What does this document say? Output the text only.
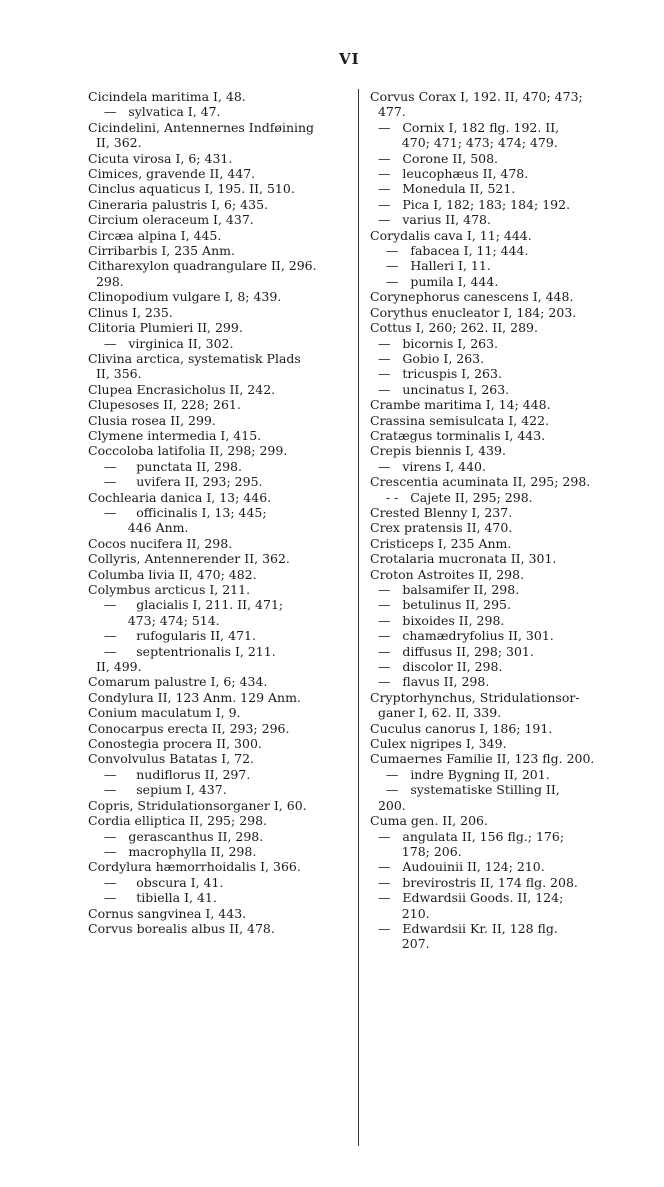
VI
Cicindela maritima I, 48.
—   sylvatica I, 47.
Cicindelini, Antennernes Indføining
II, 362.
Cicuta virosa I, 6; 431.
Cimices, gravende II, 447.
Cinclus aquaticus I, 195. II, 510.
Cineraria palustris I, 6; 435.
Circium oleraceum I, 437.
Circæa alpina I, 445.
Cirribarbis I, 235 Anm.
Citharexylon quadrangulare II, 296.
298.
Clinopodium vulgare I, 8; 439.
Clinus I, 235.
Clitoria Plumieri II, 299.
—   virginica II, 302.
Clivina arctica, systematisk Plads
II, 356.
Clupea Encrasicholus II, 242.
Clupesoses II, 228; 261.
Clusia rosea II, 299.
Clymene intermedia I, 415.
Coccoloba latifolia II, 298; 299.
—     punctata II, 298.
—     uvifera II, 293; 295.
Cochlearia danica I, 13; 446.
—     officinalis I, 13; 445;
446 Anm.
Cocos nucifera II, 298.
Collyris, Antennerender II, 362.
Columba livia II, 470; 482.
Colymbus arcticus I, 211.
—     glacialis I, 211. II, 471;
473; 474; 514.
—     rufogularis II, 471.
—     septentrionalis I, 211.
II, 499.
Comarum palustre I, 6; 434.
Condylura II, 123 Anm. 129 Anm.
Conium maculatum I, 9.
Conocarpus erecta II, 293; 296.
Conostegia procera II, 300.
Convolvulus Batatas I, 72.
—     nudiflorus II, 297.
—     sepium I, 437.
Copris, Stridulationsorganer I, 60.
Cordia elliptica II, 295; 298.
—   gerascanthus II, 298.
—   macrophylla II, 298.
Cordylura hæmorrhoidalis I, 366.
—     obscura I, 41.
—     tibiella I, 41.
Cornus sangvinea I, 443.
Corvus borealis albus II, 478.
Corvus Corax I, 192. II, 470; 473;
477.
—   Cornix I, 182 flg. 192. II,
470; 471; 473; 474; 479.
—   Corone II, 508.
—   leucophæus II, 478.
—   Monedula II, 521.
—   Pica I, 182; 183; 184; 192.
—   varius II, 478.
Corydalis cava I, 11; 444.
—   fabacea I, 11; 444.
—   Halleri I, 11.
—   pumila I, 444.
Corynephorus canescens I, 448.
Corythus enucleator I, 184; 203.
Cottus I, 260; 262. II, 289.
—   bicornis I, 263.
—   Gobio I, 263.
—   tricuspis I, 263.
—   uncinatus I, 263.
Crambe maritima I, 14; 448.
Crassina semisulcata I, 422.
Cratægus torminalis I, 443.
Crepis biennis I, 439.
—   virens I, 440.
Crescentia acuminata II, 295; 298.
- -   Cajete II, 295; 298.
Crested Blenny I, 237.
Crex pratensis II, 470.
Cristiceps I, 235 Anm.
Crotalaria mucronata II, 301.
Croton Astroites II, 298.
—   balsamifer II, 298.
—   betulinus II, 295.
—   bixoides II, 298.
—   chamædryfolius II, 301.
—   diffusus II, 298; 301.
—   discolor II, 298.
—   flavus II, 298.
Cryptorhynchus, Stridulationsor-
ganer I, 62. II, 339.
Cuculus canorus I, 186; 191.
Culex nigripes I, 349.
Cumaernes Familie II, 123 flg. 200.
—   indre Bygning II, 201.
—   systematiske Stilling II,
200.
Cuma gen. II, 206.
—   angulata II, 156 flg.; 176;
178; 206.
—   Audouinii II, 124; 210.
—   brevirostris II, 174 flg. 208.
—   Edwardsii Goods. II, 124;
210.
—   Edwardsii Kr. II, 128 flg.
207.
